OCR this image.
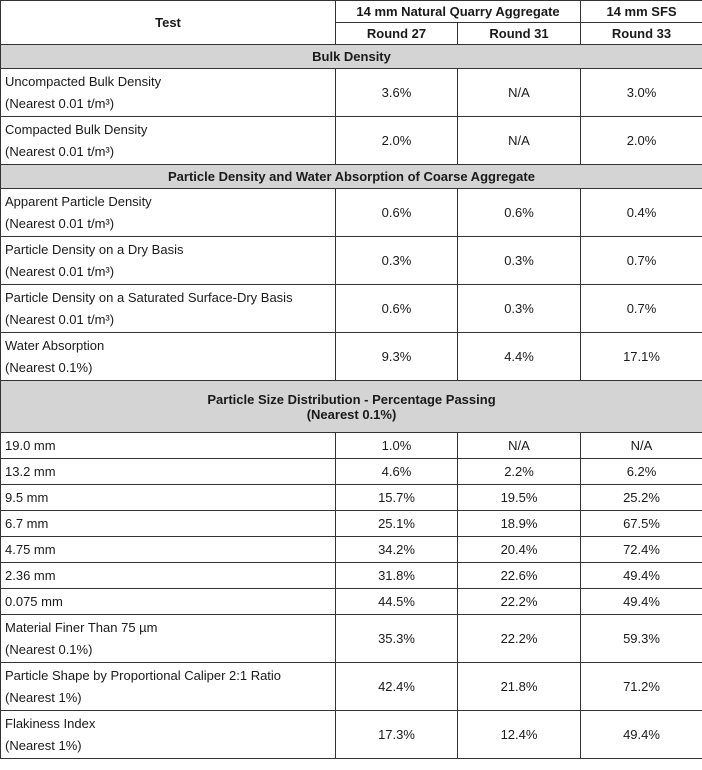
Test	14 mm Natural Quarry Aggregate		14 mm SFS
	Round 27	Round 31	Round 33

Bulk Density			

Uncompacted Bulk Density
(Nearest 0.01 t/m³)	3.6%	N/A	3.0%

Compacted Bulk Density
(Nearest 0.01 t/m³)	2.0%	N/A	2.0%

Particle Density and Water Absorption of Coarse Aggregate			

Apparent Particle Density
(Nearest 0.01 t/m³)	0.6%	0.6%	0.4%

Particle Density on a Dry Basis
(Nearest 0.01 t/m³)	0.3%	0.3%	0.7%

Particle Density on a Saturated Surface-Dry Basis
(Nearest 0.01 t/m³)	0.6%	0.3%	0.7%

Water Absorption
(Nearest 0.1%)	9.3%	4.4%	17.1%

Particle Size Distribution - Percentage Passing
(Nearest 0.1%)			

19.0 mm	1.0%	N/A	N/A

13.2 mm	4.6%	2.2%	6.2%

9.5 mm	15.7%	19.5%	25.2%

6.7 mm	25.1%	18.9%	67.5%

4.75 mm	34.2%	20.4%	72.4%

2.36 mm	31.8%	22.6%	49.4%

0.075 mm	44.5%	22.2%	49.4%

Material Finer Than 75 µm
(Nearest 0.1%)	35.3%	22.2%	59.3%

Particle Shape by Proportional Caliper 2:1 Ratio
(Nearest 1%)	42.4%	21.8%	71.2%

Flakiness Index
(Nearest 1%)	17.3%	12.4%	49.4%
